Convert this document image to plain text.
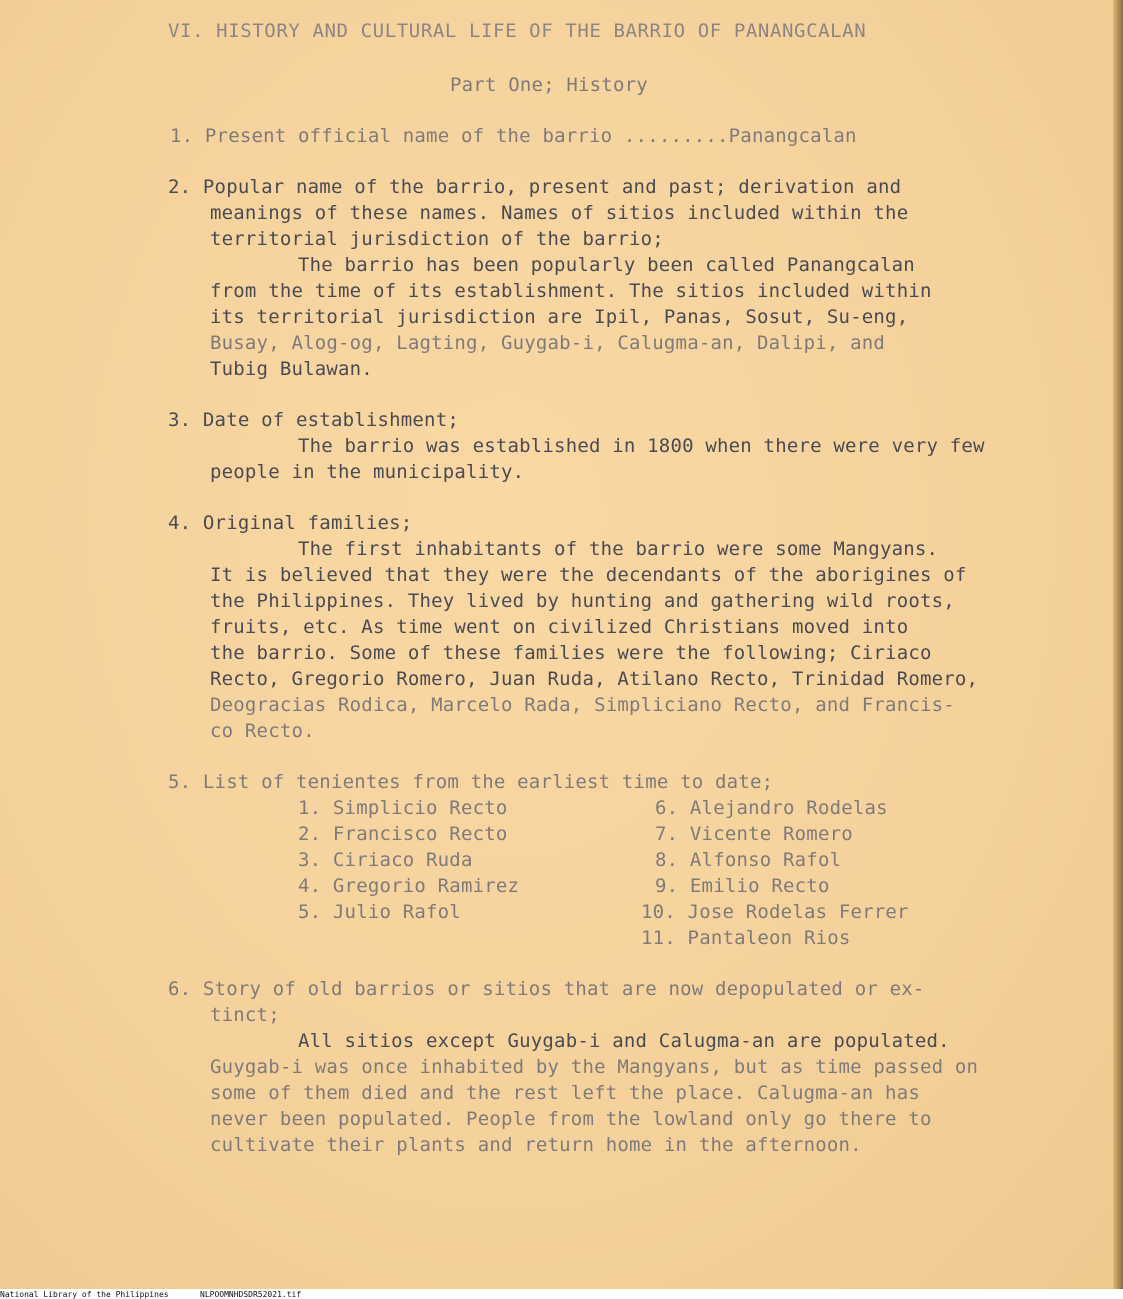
VI. HISTORY AND CULTURAL LIFE OF THE BARRIO OF PANANGCALAN
Part One; History
1. Present official name of the barrio .........Panangcalan
2. Popular name of the barrio, present and past; derivation and
meanings of these names. Names of sitios included within the
territorial jurisdiction of the barrio;
The barrio has been popularly been called Panangcalan
from the time of its establishment. The sitios included within
its territorial jurisdiction are Ipil, Panas, Sosut, Su-eng,
Busay, Alog-og, Lagting, Guygab-i, Calugma-an, Dalipi, and
Tubig Bulawan.
3. Date of establishment;
The barrio was established in 1800 when there were very few
people in the municipality.
4. Original families;
The first inhabitants of the barrio were some Mangyans.
It is believed that they were the decendants of the aborigines of
the Philippines. They lived by hunting and gathering wild roots,
fruits, etc. As time went on civilized Christians moved into
the barrio. Some of these families were the following; Ciriaco
Recto, Gregorio Romero, Juan Ruda, Atilano Recto, Trinidad Romero,
Deogracias Rodica, Marcelo Rada, Simpliciano Recto, and Francis-
co Recto.
5. List of tenientes from the earliest time to date;
1. Simplicio Recto
2. Francisco Recto
3. Ciriaco Ruda
4. Gregorio Ramirez
5. Julio Rafol
6. Alejandro Rodelas
7. Vicente Romero
8. Alfonso Rafol
9. Emilio Recto
10. Jose Rodelas Ferrer
11. Pantaleon Rios
6. Story of old barrios or sitios that are now depopulated or ex-
tinct;
All sitios except Guygab-i and Calugma-an are populated.
Guygab-i was once inhabited by the Mangyans, but as time passed on
some of them died and the rest left the place. Calugma-an has
never been populated. People from the lowland only go there to
cultivate their plants and return home in the afternoon.
National Library of the Philippines	NLPOOMNHDSDR52021.tif
